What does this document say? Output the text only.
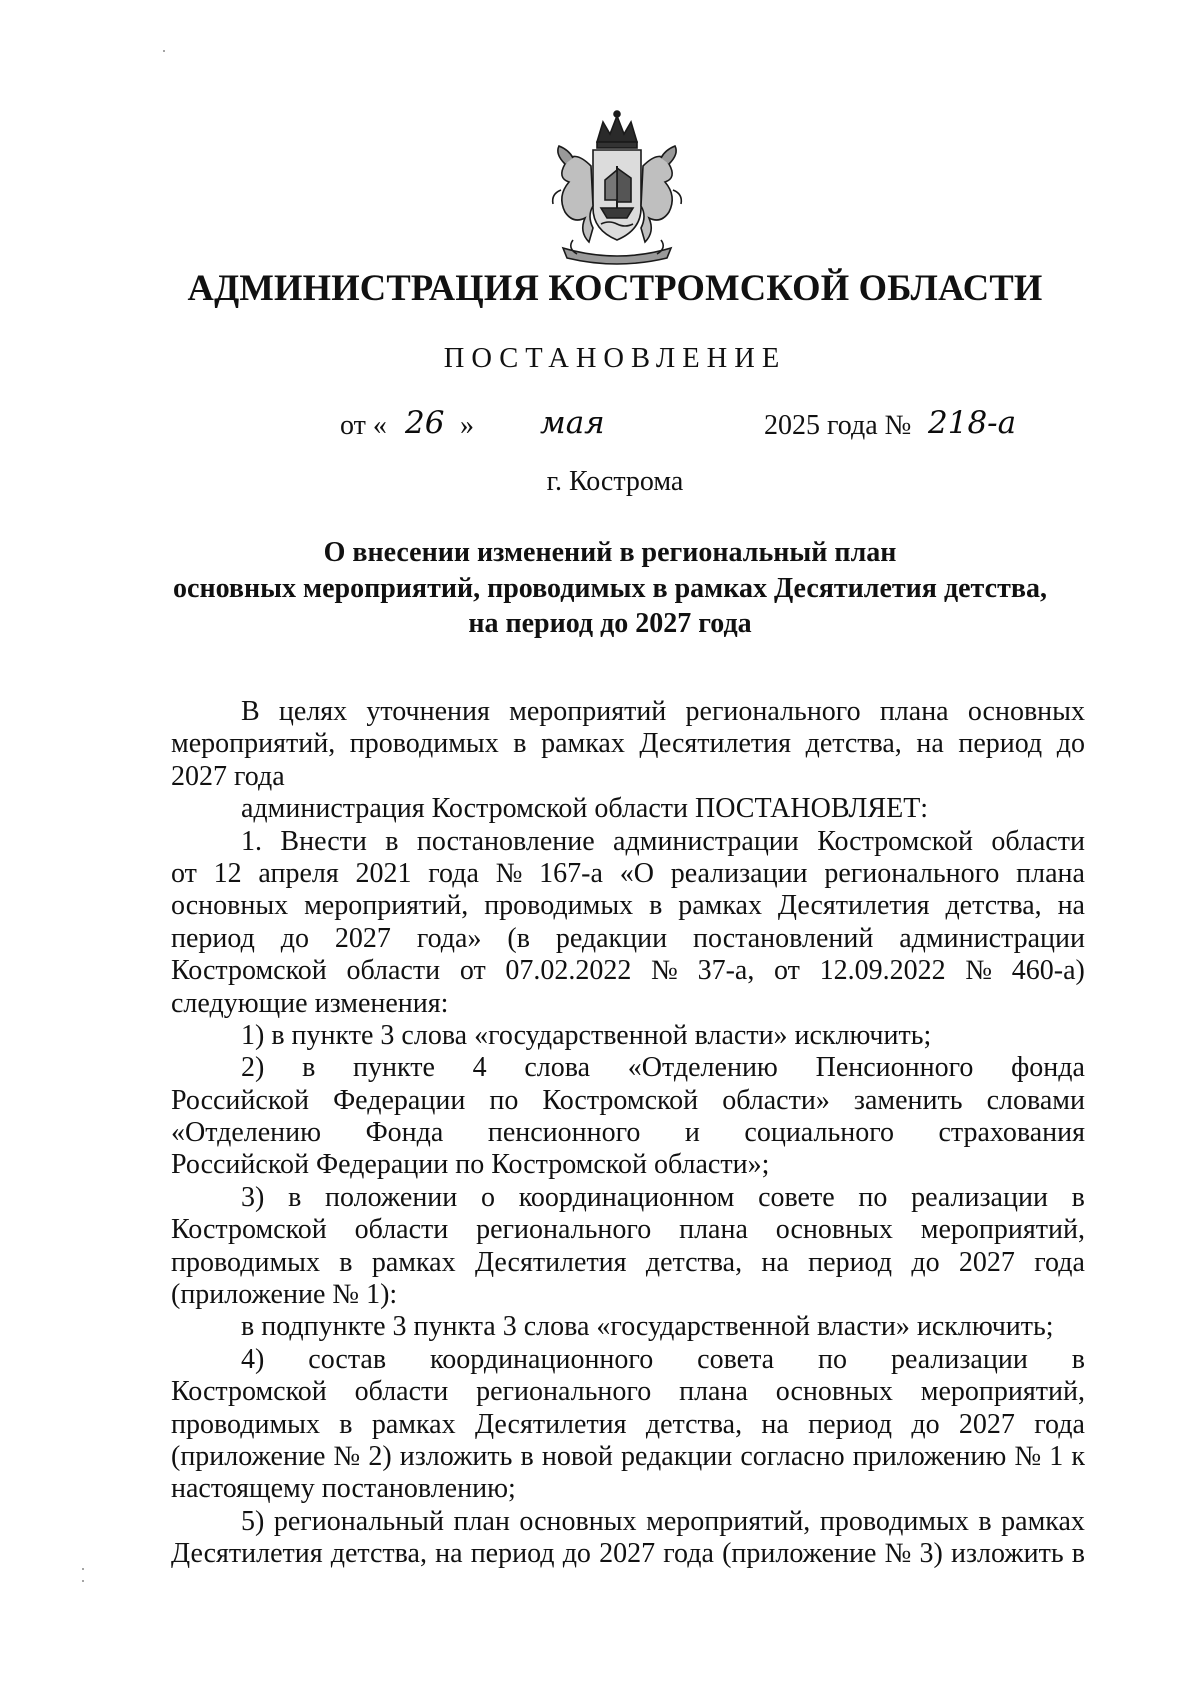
АДМИНИСТРАЦИЯ КОСТРОМСКОЙ ОБЛАСТИ
ПОСТАНОВЛЕНИЕ
от « 26 » мая	2025 года № 218-а
г. Кострома
О внесении изменений в региональный план
основных мероприятий, проводимых в рамках Десятилетия детства,
на период до 2027 года
В целях уточнения мероприятий регионального плана основных
мероприятий, проводимых в рамках Десятилетия детства, на период до
2027 года
администрация Костромской области ПОСТАНОВЛЯЕТ:
1. Внести в постановление администрации Костромской области
от 12 апреля 2021 года № 167-а «О реализации регионального плана
основных мероприятий, проводимых в рамках Десятилетия детства, на
период до 2027 года» (в редакции постановлений администрации
Костромской области от 07.02.2022 № 37-а, от 12.09.2022 № 460-а)
следующие изменения:
1) в пункте 3 слова «государственной власти» исключить;
2) в пункте 4 слова «Отделению Пенсионного фонда
Российской Федерации по Костромской области» заменить словами
«Отделению Фонда пенсионного и социального страхования
Российской Федерации по Костромской области»;
3) в положении о координационном совете по реализации в
Костромской области регионального плана основных мероприятий,
проводимых в рамках Десятилетия детства, на период до 2027 года
(приложение № 1):
в подпункте 3 пункта 3 слова «государственной власти» исключить;
4) состав координационного совета по реализации в
Костромской области регионального плана основных мероприятий,
проводимых в рамках Десятилетия детства, на период до 2027 года
(приложение № 2) изложить в новой редакции согласно приложению № 1 к
настоящему постановлению;
5) региональный план основных мероприятий, проводимых в рамках
Десятилетия детства, на период до 2027 года (приложение № 3) изложить в
